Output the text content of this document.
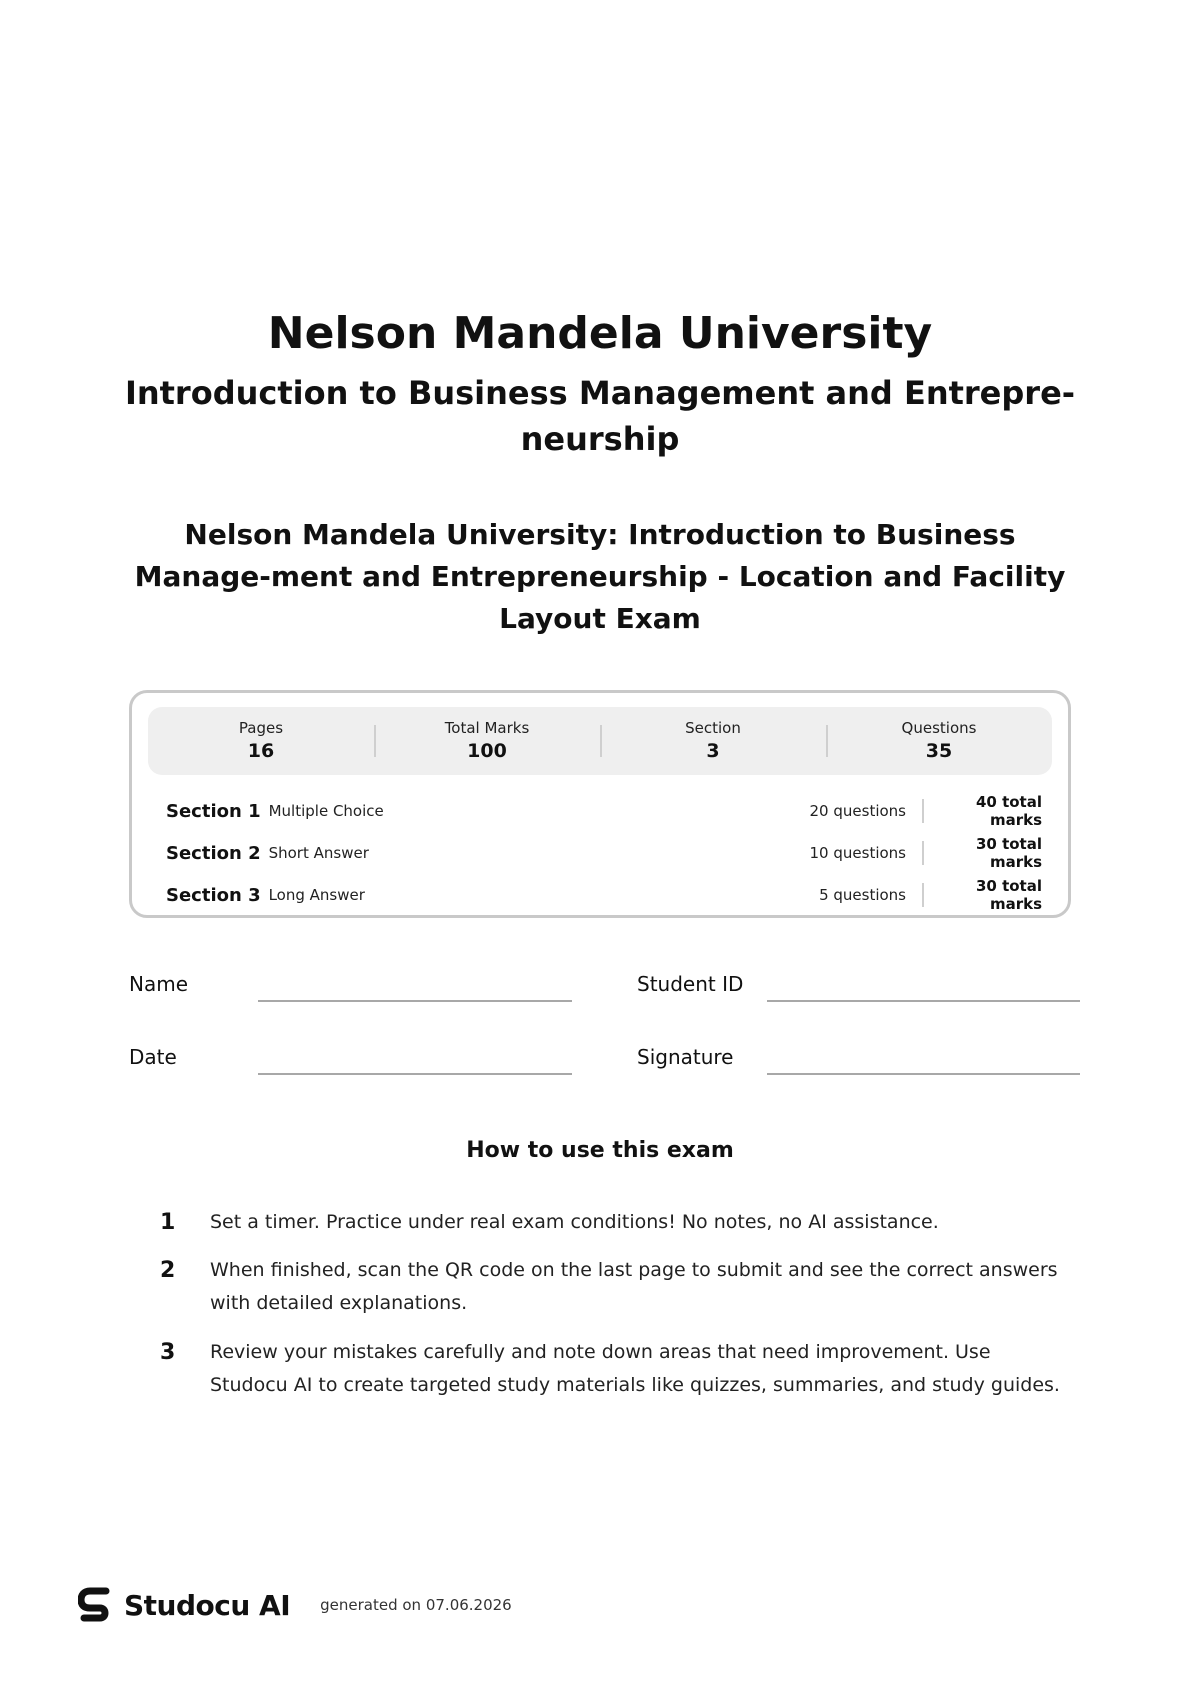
Nelson Mandela University
Introduction to Business Management and Entrepre-neurship
Nelson Mandela University: Introduction to Business Manage-ment and Entrepreneurship - Location and Facility Layout Exam
Pages
16
Total Marks
100
Section
3
Questions
35
Section 1 Multiple Choice	20 questions	40 total marks
Section 2 Short Answer	10 questions	30 total marks
Section 3 Long Answer	5 questions	30 total marks
Name	Student ID
Date	Signature
How to use this exam
1 Set a timer. Practice under real exam conditions! No notes, no AI assistance.
2 When finished, scan the QR code on the last page to submit and see the correct answers with detailed explanations.
3 Review your mistakes carefully and note down areas that need improvement. Use Studocu AI to create targeted study materials like quizzes, summaries, and study guides.
Studocu AI generated on 07.06.2026
